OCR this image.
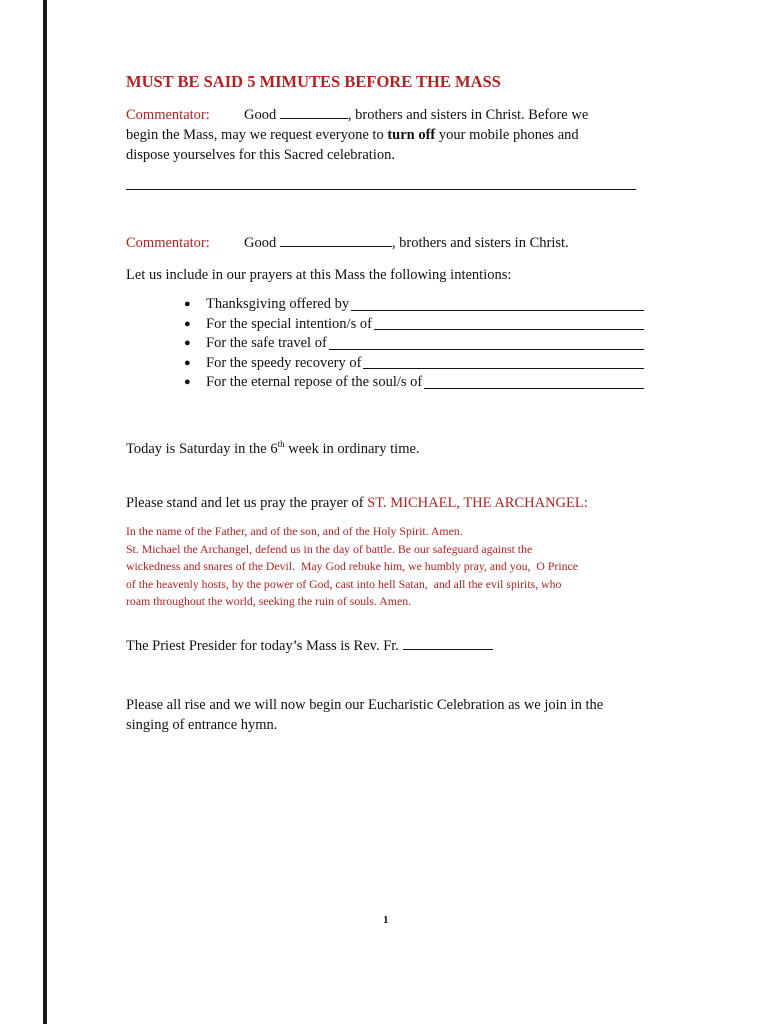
MUST BE SAID 5 MIMUTES BEFORE THE MASS
Commentator: Good	, brothers and sisters in Christ. Before we
begin the Mass, may we request everyone to turn off your mobile phones and
dispose yourselves for this Sacred celebration.
Commentator: Good	, brothers and sisters in Christ.
Let us include in our prayers at this Mass the following intentions:
●	Thanksgiving offered by
●	For the special intention/s of
●	For the safe travel of
●	For the speedy recovery of
●	For the eternal repose of the soul/s of
Today is Saturday in the 6th week in ordinary time.
Please stand and let us pray the prayer of ST. MICHAEL, THE ARCHANGEL:
In the name of the Father, and of the son, and of the Holy Spirit. Amen.
St. Michael the Archangel, defend us in the day of battle. Be our safeguard against the
wickedness and snares of the Devil.  May God rebuke him, we humbly pray, and you,  O Prince
of the heavenly hosts, by the power of God, cast into hell Satan,  and all the evil spirits, who
roam throughout the world, seeking the ruin of souls. Amen.
The Priest Presider for today’s Mass is Rev. Fr.
Please all rise and we will now begin our Eucharistic Celebration as we join in the
singing of entrance hymn.
1
